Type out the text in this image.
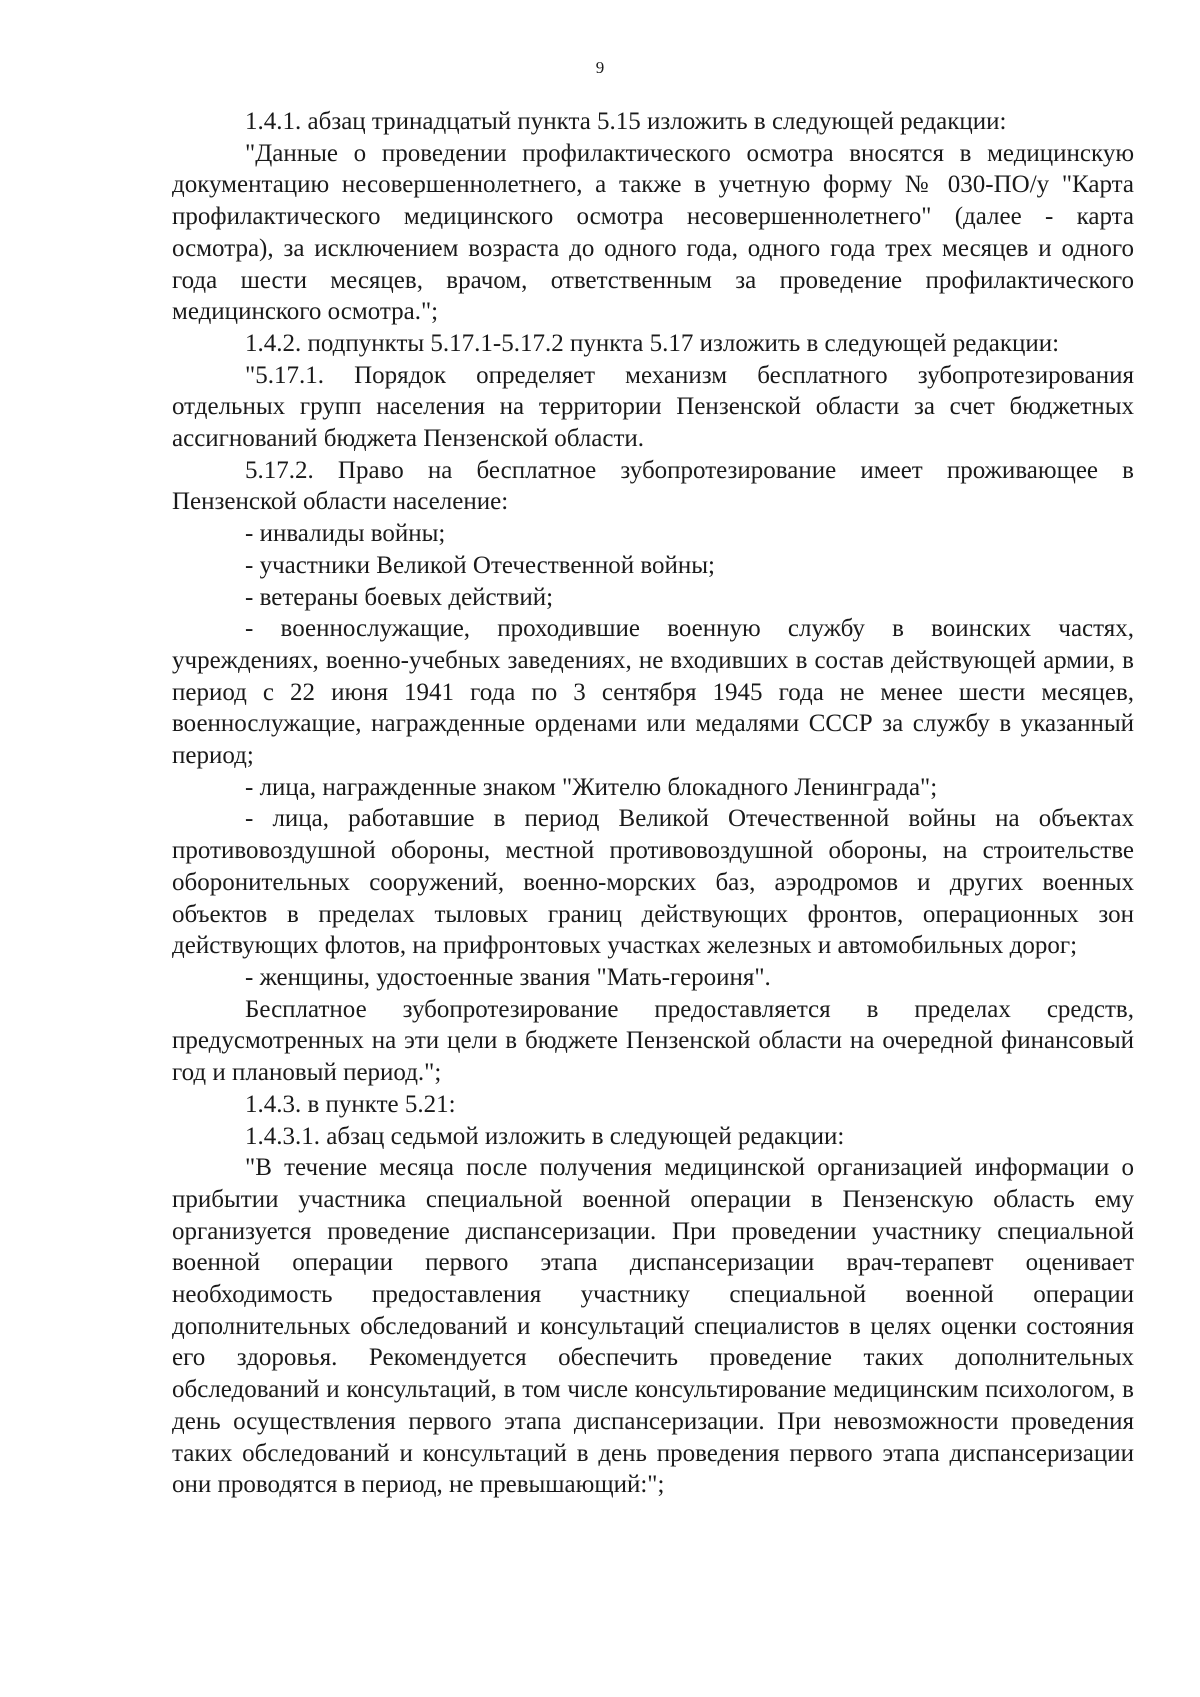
9

1.4.1. абзац тринадцатый пункта 5.15 изложить в следующей редакции:

"Данные о проведении профилактического осмотра вносятся в медицинскую документацию несовершеннолетнего, а также в учетную форму № 030-ПО/у "Карта профилактического медицинского осмотра несовершеннолетнего" (далее - карта осмотра), за исключением возраста до одного года, одного года трех месяцев и одного года шести месяцев, врачом, ответственным за проведение профилактического медицинского осмотра.";

1.4.2. подпункты 5.17.1-5.17.2 пункта 5.17 изложить в следующей редакции:

"5.17.1. Порядок определяет механизм бесплатного зубопротезирования отдельных групп населения на территории Пензенской области за счет бюджетных ассигнований бюджета Пензенской области.

5.17.2. Право на бесплатное зубопротезирование имеет проживающее в Пензенской области население:

- инвалиды войны;

- участники Великой Отечественной войны;

- ветераны боевых действий;

- военнослужащие, проходившие военную службу в воинских частях, учреждениях, военно-учебных заведениях, не входивших в состав действующей армии, в период с 22 июня 1941 года по 3 сентября 1945 года не менее шести месяцев, военнослужащие, награжденные орденами или медалями СССР за службу в указанный период;

- лица, награжденные знаком "Жителю блокадного Ленинграда";

- лица, работавшие в период Великой Отечественной войны на объектах противовоздушной обороны, местной противовоздушной обороны, на строительстве оборонительных сооружений, военно-морских баз, аэродромов и других военных объектов в пределах тыловых границ действующих фронтов, операционных зон действующих флотов, на прифронтовых участках железных и автомобильных дорог;

- женщины, удостоенные звания "Мать-героиня".

Бесплатное зубопротезирование предоставляется в пределах средств, предусмотренных на эти цели в бюджете Пензенской области на очередной финансовый год и плановый период.";

1.4.3. в пункте 5.21:

1.4.3.1. абзац седьмой изложить в следующей редакции:

"В течение месяца после получения медицинской организацией информации о прибытии участника специальной военной операции в Пензенскую область ему организуется проведение диспансеризации. При проведении участнику специальной военной операции первого этапа диспансеризации врач-терапевт оценивает необходимость предоставления участнику специальной военной операции дополнительных обследований и консультаций специалистов в целях оценки состояния его здоровья. Рекомендуется обеспечить проведение таких дополнительных обследований и консультаций, в том числе консультирование медицинским психологом, в день осуществления первого этапа диспансеризации. При невозможности проведения таких обследований и консультаций в день проведения первого этапа диспансеризации они проводятся в период, не превышающий:";
